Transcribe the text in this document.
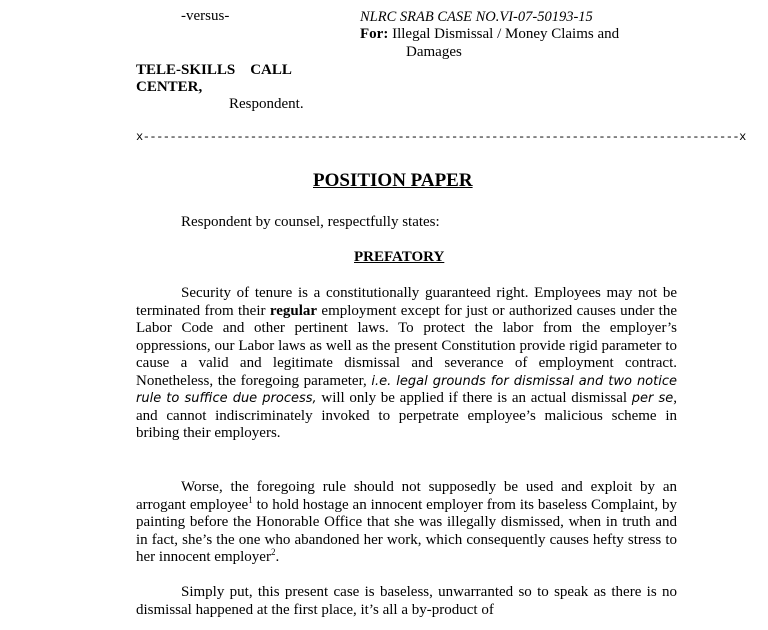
-versus-	NLRC SRAB CASE NO.VI-07-50193-15
For: Illegal Dismissal / Money Claims and
Damages
TELE-SKILLS    CALL
CENTER,
Respondent.
x-----------------------------------------------------------------------------------------x
POSITION PAPER
Respondent by counsel, respectfully states:
PREFATORY

Security of tenure is a constitutionally guaranteed right. Employees may not be terminated from their regular employment except for just or authorized causes under the Labor Code and other pertinent laws. To protect the labor from the employer’s oppressions, our Labor laws as well as the present Constitution provide rigid parameter to cause a valid and legitimate dismissal and severance of employment contract. Nonetheless, the foregoing parameter, i.e. legal grounds for dismissal and two notice rule to suffice due process, will only be applied if there is an actual dismissal per se, and cannot indiscriminately invoked to perpetrate employee’s malicious scheme in bribing their employers.

Worse, the foregoing rule should not supposedly be used and exploit by an arrogant employee$^1$ to hold hostage an innocent employer from its baseless Complaint, by painting before the Honorable Office that she was illegally dismissed, when in truth and in fact, she’s the one who abandoned her work, which consequently causes hefty stress to her innocent employer$^2$.

Simply put, this present case is baseless, unwarranted so to speak as there is no dismissal happened at the first place, it’s all a by-product of
